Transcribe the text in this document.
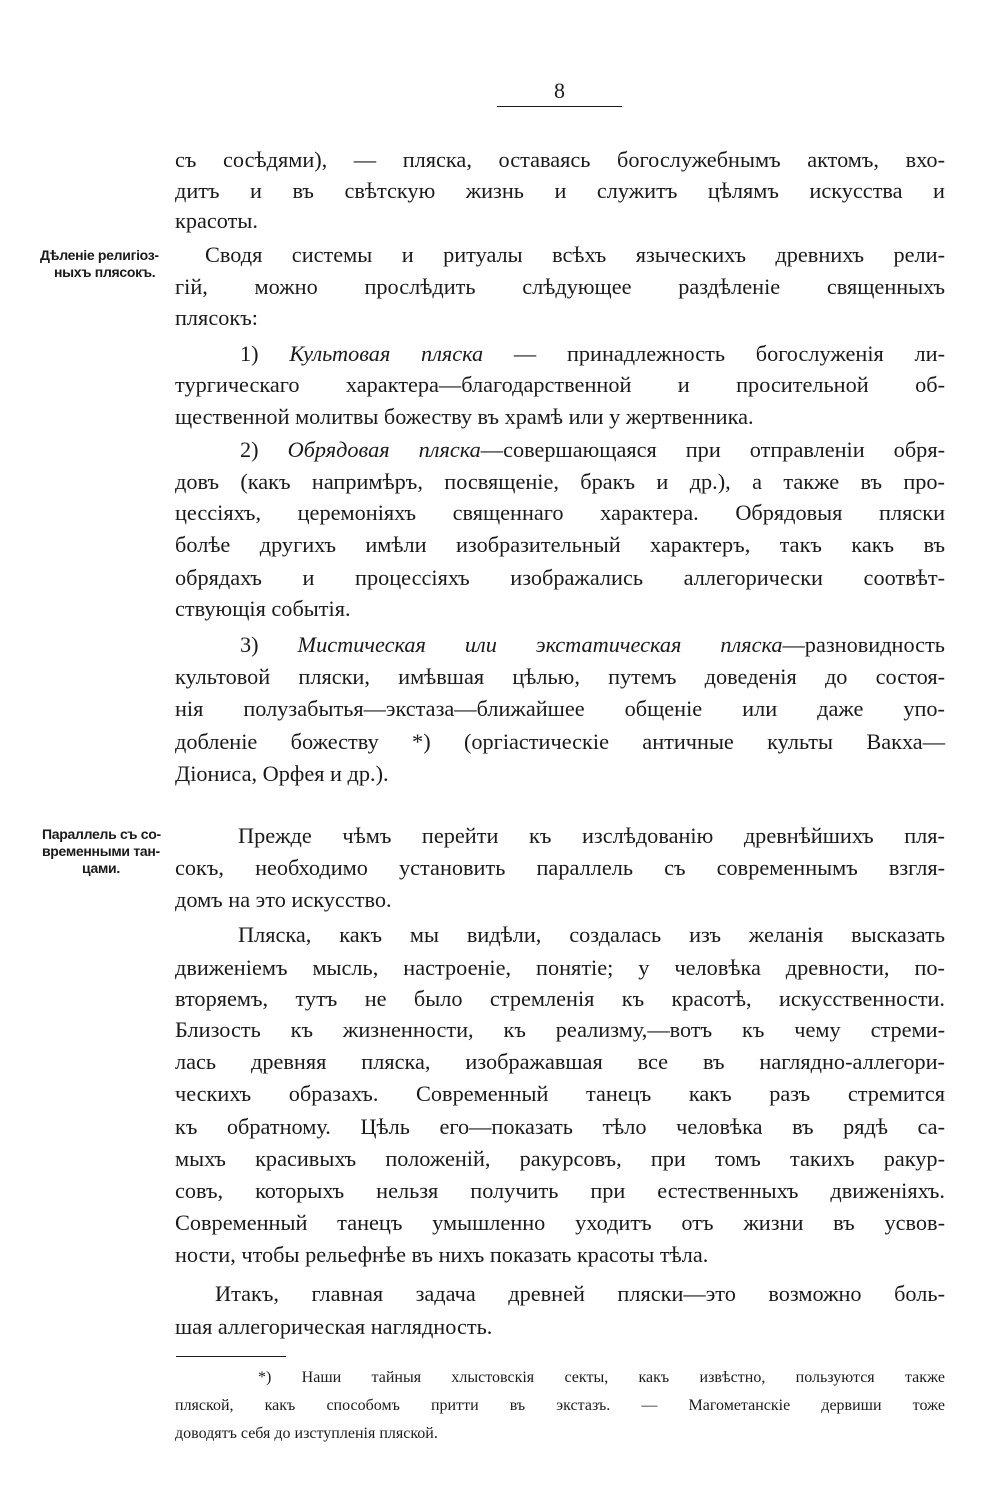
8
Дѣленіе религіоз-
ныхъ плясокъ.
Параллель съ со-
временными тан-
цами.
съ сосѣдями), — пляска, оставаясь богослужебнымъ актомъ, вхо-
дитъ и въ свѣтскую жизнь и служитъ цѣлямъ искусства и
красоты.
Сводя системы и ритуалы всѣхъ языческихъ древнихъ рели-
гій, можно прослѣдить слѣдующее раздѣленіе священныхъ
плясокъ:
1) Культовая пляска — принадлежность богослуженія ли-
тургическаго характера—благодарственной и просительной об-
щественной молитвы божеству въ храмѣ или у жертвенника.
2) Обрядовая пляска—совершающаяся при отправленіи обря-
довъ (какъ напримѣръ, посвященіе, бракъ и др.), а также въ про-
цессіяхъ, церемоніяхъ священнаго характера. Обрядовыя пляски
болѣе другихъ имѣли изобразительный характеръ, такъ какъ въ
обрядахъ и процессіяхъ изображались аллегорически соотвѣт-
ствующія событія.
3) Мистическая или экстатическая пляска—разновидность
культовой пляски, имѣвшая цѣлью, путемъ доведенія до состоя-
нія полузабытья—экстаза—ближайшее общеніе или даже упо-
добленіе божеству *) (оргіастическіе античные культы Вакха—
Діониса, Орфея и др.).
Прежде чѣмъ перейти къ изслѣдованію древнѣйшихъ пля-
сокъ, необходимо установить параллель съ современнымъ взгля-
домъ на это искусство.
Пляска, какъ мы видѣли, создалась изъ желанія высказать
движеніемъ мысль, настроеніе, понятіе; у человѣка древности, по-
вторяемъ, тутъ не было стремленія къ красотѣ, искусственности.
Близость къ жизненности, къ реализму,—вотъ къ чему стреми-
лась древняя пляска, изображавшая все въ наглядно-аллегори-
ческихъ образахъ. Современный танецъ какъ разъ стремится
къ обратному. Цѣль его—показать тѣло человѣка въ рядѣ са-
мыхъ красивыхъ положеній, ракурсовъ, при томъ такихъ ракур-
совъ, которыхъ нельзя получить при естественныхъ движеніяхъ.
Современный танецъ умышленно уходитъ отъ жизни въ усвов-
ности, чтобы рельефнѣе въ нихъ показать красоты тѣла.
Итакъ, главная задача древней пляски—это возможно боль-
шая аллегорическая наглядность.
*) Наши тайныя хлыстовскія секты, какъ извѣстно, пользуются также
пляской, какъ способомъ притти въ экстазъ. — Магометанскіе дервиши тоже
доводятъ себя до изступленія пляской.
